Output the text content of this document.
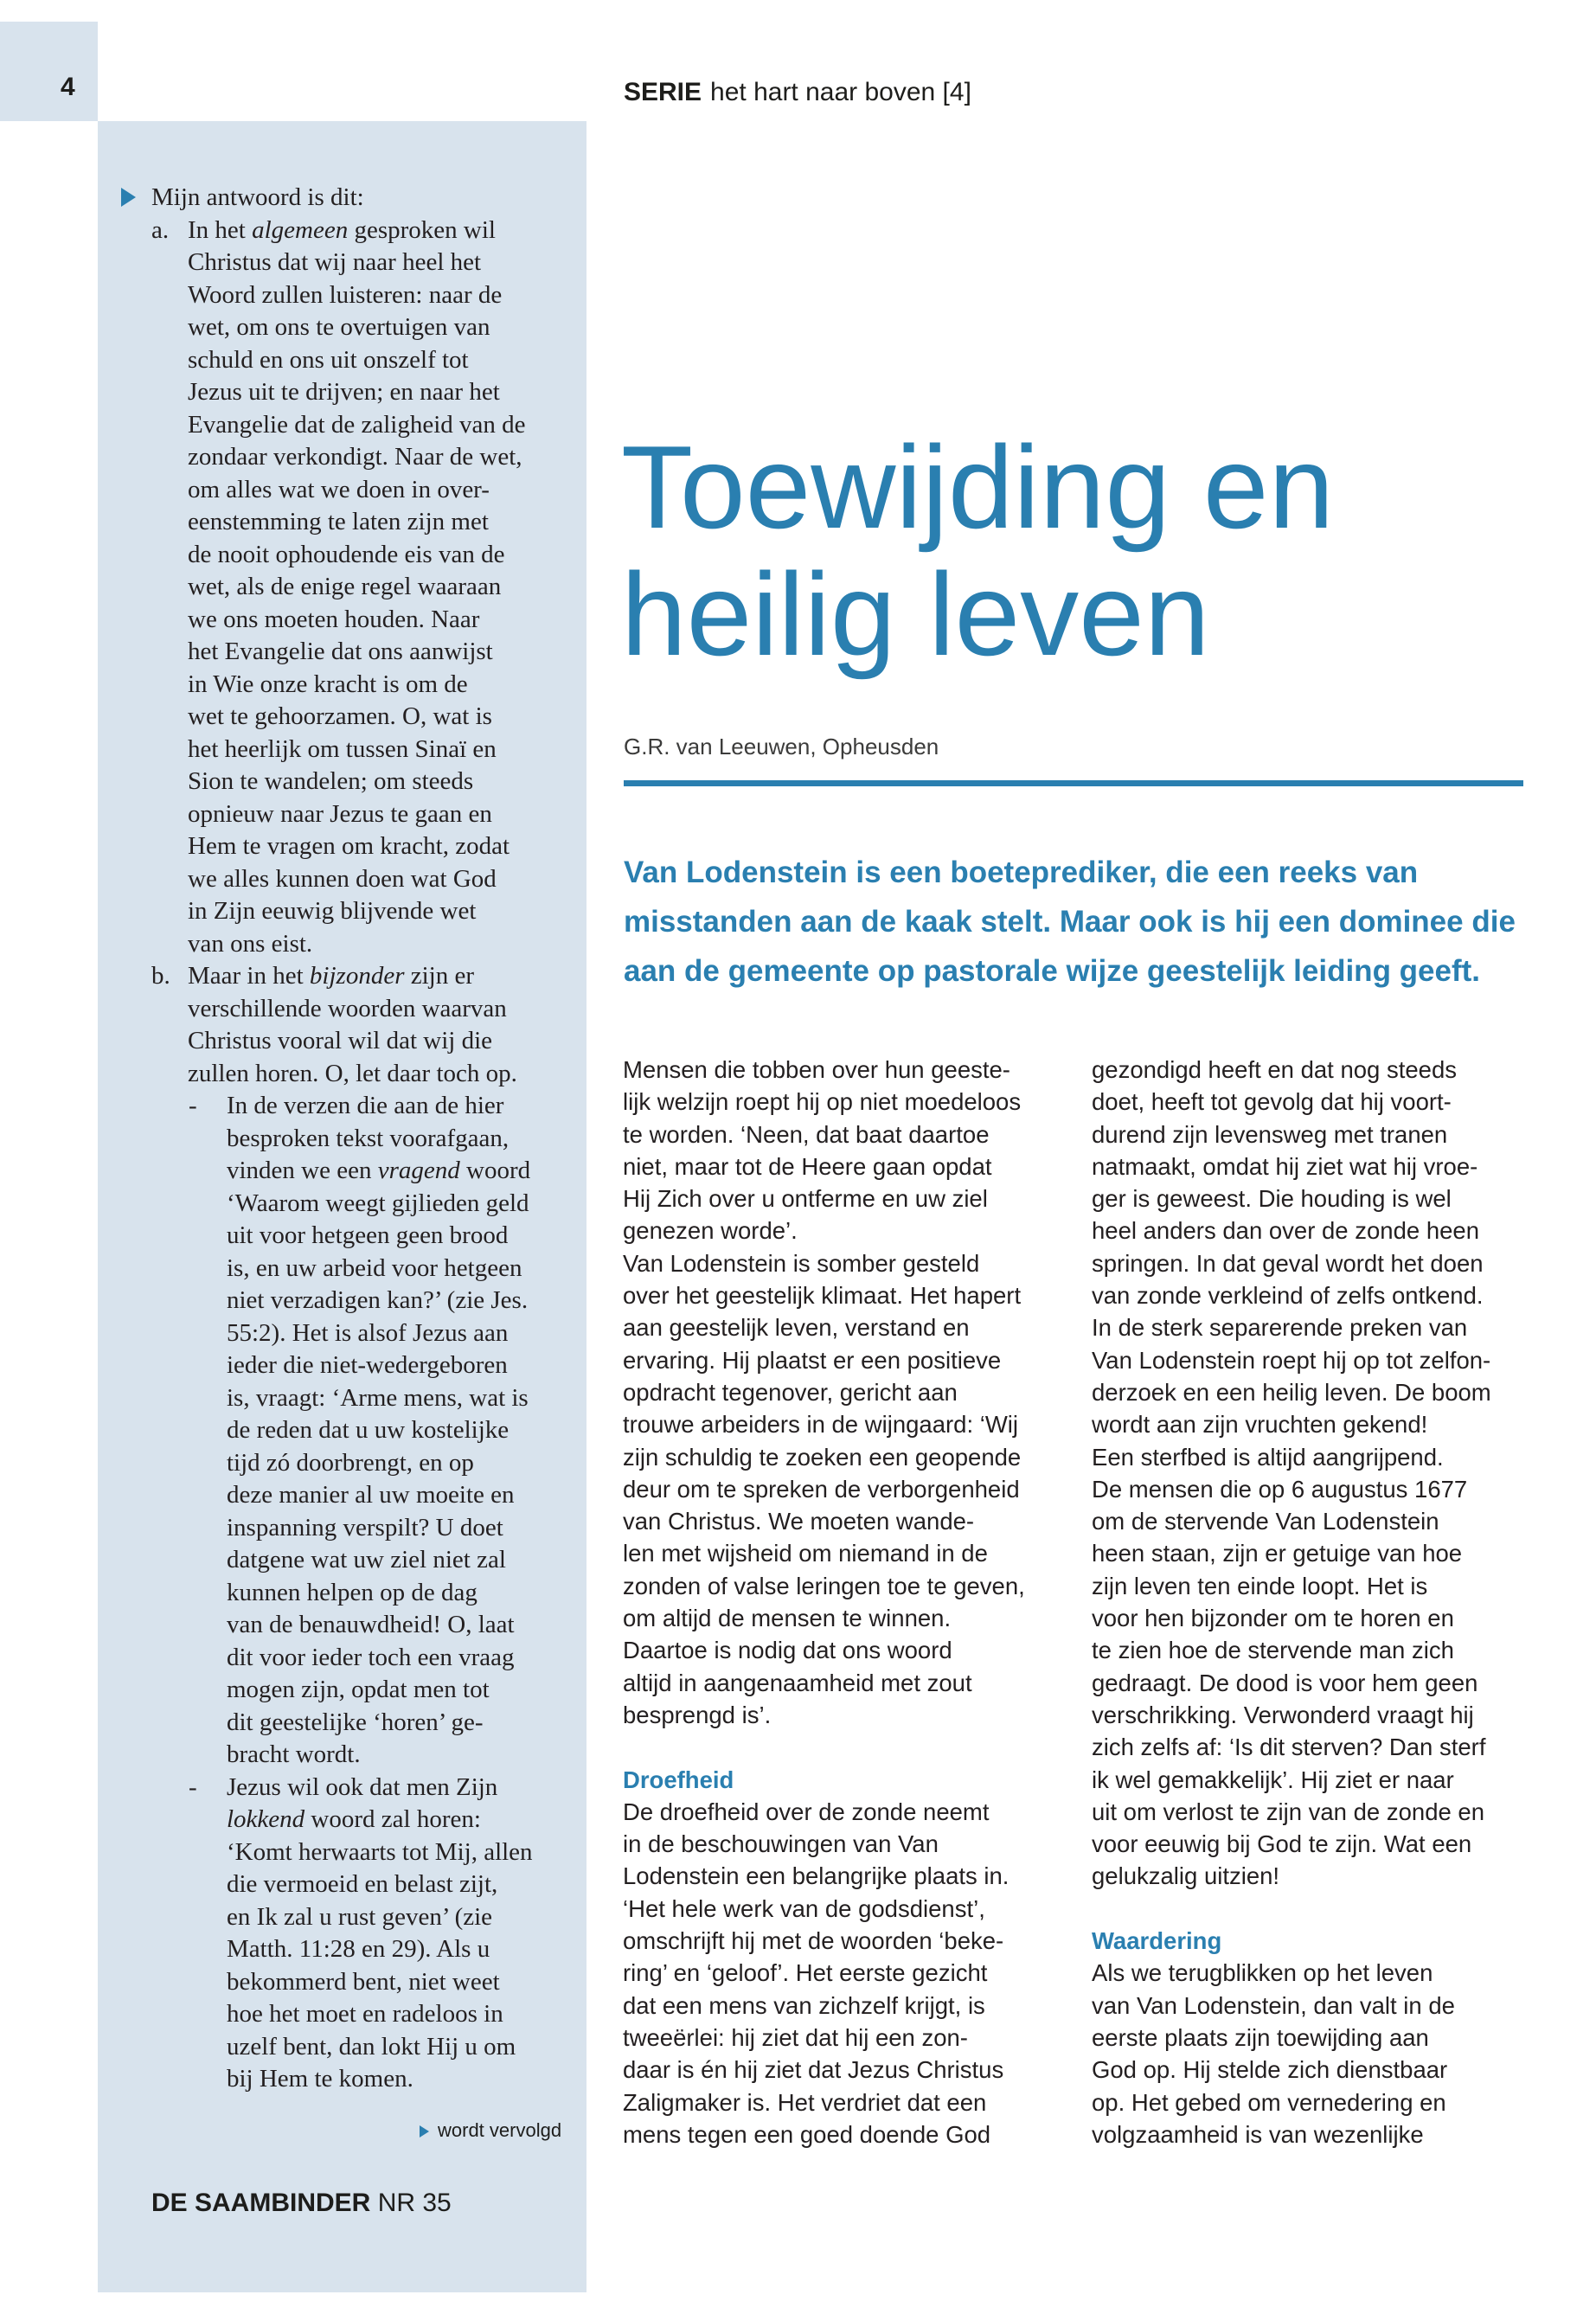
4	SERIE het hart naar boven [4]
Mijn antwoord is dit:
a. In het algemeen gesproken wil
Christus dat wij naar heel het
Woord zullen luisteren: naar de
wet, om ons te overtuigen van
schuld en ons uit onszelf tot
Jezus uit te drijven; en naar het
Evangelie dat de zaligheid van de
zondaar verkondigt. Naar de wet,
om alles wat we doen in over-
eenstemming te laten zijn met
de nooit ophoudende eis van de
wet, als de enige regel waaraan
we ons moeten houden. Naar
het Evangelie dat ons aanwijst
in Wie onze kracht is om de
wet te gehoorzamen. O, wat is
het heerlijk om tussen Sinaï en
Sion te wandelen; om steeds
opnieuw naar Jezus te gaan en
Hem te vragen om kracht, zodat
we alles kunnen doen wat God
in Zijn eeuwig blijvende wet
van ons eist.
b. Maar in het bijzonder zijn er
verschillende woorden waarvan
Christus vooral wil dat wij die
zullen horen. O, let daar toch op.
- In de verzen die aan de hier
besproken tekst voorafgaan,
vinden we een vragend woord
‘Waarom weegt gijlieden geld
uit voor hetgeen geen brood
is, en uw arbeid voor hetgeen
niet verzadigen kan?’ (zie Jes.
55:2). Het is alsof Jezus aan
ieder die niet-wedergeboren
is, vraagt: ‘Arme mens, wat is
de reden dat u uw kostelijke
tijd zó doorbrengt, en op
deze manier al uw moeite en
inspanning verspilt? U doet
datgene wat uw ziel niet zal
kunnen helpen op de dag
van de benauwdheid! O, laat
dit voor ieder toch een vraag
mogen zijn, opdat men tot
dit geestelijke ‘horen’ ge-
bracht wordt.
- Jezus wil ook dat men Zijn
lokkend woord zal horen:
‘Komt herwaarts tot Mij, allen
die vermoeid en belast zijt,
en Ik zal u rust geven’ (zie
Matth. 11:28 en 29). Als u
bekommerd bent, niet weet
hoe het moet en radeloos in
uzelf bent, dan lokt Hij u om
bij Hem te komen.
wordt vervolgd
DE SAAMBINDER NR 35
Toewijding en
heilig leven
G.R. van Leeuwen, Opheusden
Van Lodenstein is een boeteprediker, die een reeks van
misstanden aan de kaak stelt. Maar ook is hij een dominee die
aan de gemeente op pastorale wijze geestelijk leiding geeft.
Mensen die tobben over hun geeste-
lijk welzijn roept hij op niet moedeloos
te worden. ‘Neen, dat baat daartoe
niet, maar tot de Heere gaan opdat
Hij Zich over u ontferme en uw ziel
genezen worde’.
Van Lodenstein is somber gesteld
over het geestelijk klimaat. Het hapert
aan geestelijk leven, verstand en
ervaring. Hij plaatst er een positieve
opdracht tegenover, gericht aan
trouwe arbeiders in de wijngaard: ‘Wij
zijn schuldig te zoeken een geopende
deur om te spreken de verborgenheid
van Christus. We moeten wande-
len met wijsheid om niemand in de
zonden of valse leringen toe te geven,
om altijd de mensen te winnen.
Daartoe is nodig dat ons woord
altijd in aangenaamheid met zout
besprengd is’.
Droefheid
De droefheid over de zonde neemt
in de beschouwingen van Van
Lodenstein een belangrijke plaats in.
‘Het hele werk van de godsdienst’,
omschrijft hij met de woorden ‘beke-
ring’ en ‘geloof’. Het eerste gezicht
dat een mens van zichzelf krijgt, is
tweeërlei: hij ziet dat hij een zon-
daar is én hij ziet dat Jezus Christus
Zaligmaker is. Het verdriet dat een
mens tegen een goed doende God
gezondigd heeft en dat nog steeds
doet, heeft tot gevolg dat hij voort-
durend zijn levensweg met tranen
natmaakt, omdat hij ziet wat hij vroe-
ger is geweest. Die houding is wel
heel anders dan over de zonde heen
springen. In dat geval wordt het doen
van zonde verkleind of zelfs ontkend.
In de sterk separerende preken van
Van Lodenstein roept hij op tot zelfon-
derzoek en een heilig leven. De boom
wordt aan zijn vruchten gekend!
Een sterfbed is altijd aangrijpend.
De mensen die op 6 augustus 1677
om de stervende Van Lodenstein
heen staan, zijn er getuige van hoe
zijn leven ten einde loopt. Het is
voor hen bijzonder om te horen en
te zien hoe de stervende man zich
gedraagt. De dood is voor hem geen
verschrikking. Verwonderd vraagt hij
zich zelfs af: ‘Is dit sterven? Dan sterf
ik wel gemakkelijk’. Hij ziet er naar
uit om verlost te zijn van de zonde en
voor eeuwig bij God te zijn. Wat een
gelukzalig uitzien!
Waardering
Als we terugblikken op het leven
van Van Lodenstein, dan valt in de
eerste plaats zijn toewijding aan
God op. Hij stelde zich dienstbaar
op. Het gebed om vernedering en
volgzaamheid is van wezenlijke
